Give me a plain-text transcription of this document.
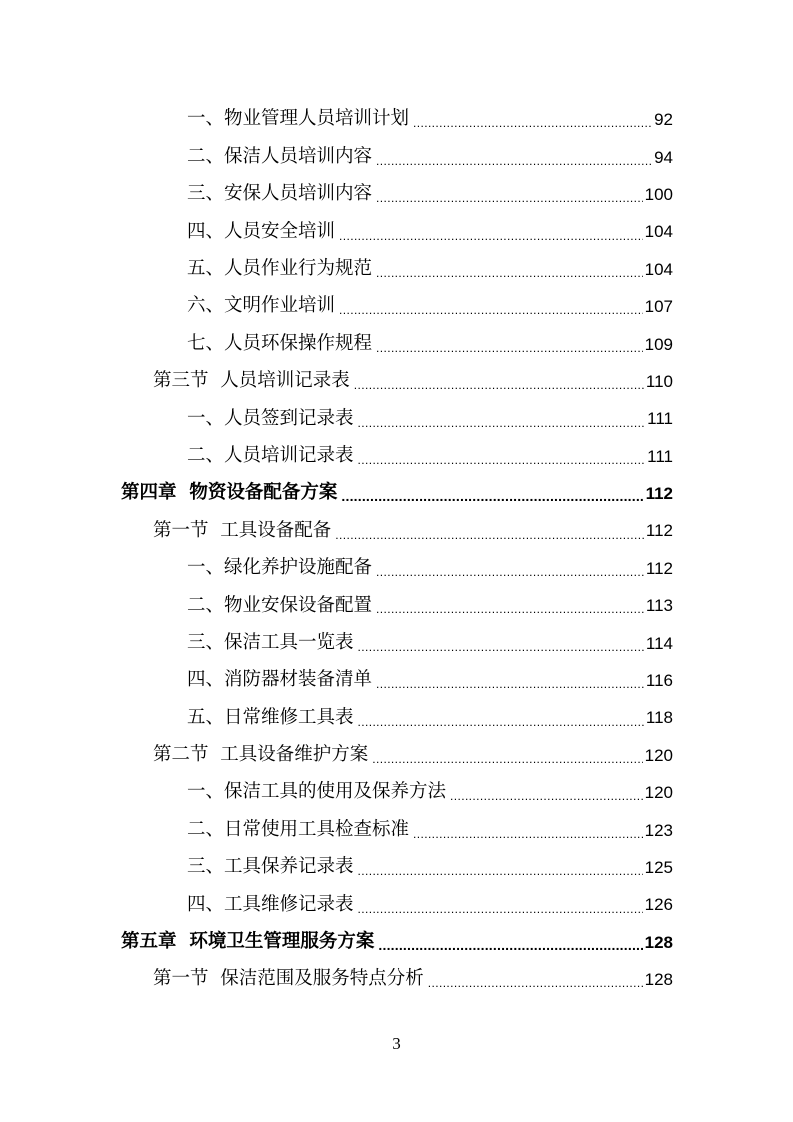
一、物业管理人员培训计划 .....	92
二、保洁人员培训内容 .....	94
三、安保人员培训内容 .....	100
四、人员安全培训 .....	104
五、人员作业行为规范 .....	104
六、文明作业培训 .....	107
七、人员环保操作规程 .....	109
第三节  人员培训记录表 .....	110
一、人员签到记录表 .....	111
二、人员培训记录表 .....	111
第四章  物资设备配备方案 .....	112
第一节  工具设备配备 .....	112
一、绿化养护设施配备 .....	112
二、物业安保设备配置 .....	113
三、保洁工具一览表 .....	114
四、消防器材装备清单 .....	116
五、日常维修工具表 .....	118
第二节  工具设备维护方案 .....	120
一、保洁工具的使用及保养方法 .....	120
二、日常使用工具检查标准 .....	123
三、工具保养记录表 .....	125
四、工具维修记录表 .....	126
第五章  环境卫生管理服务方案 .....	128
第一节  保洁范围及服务特点分析 .....	128
3
